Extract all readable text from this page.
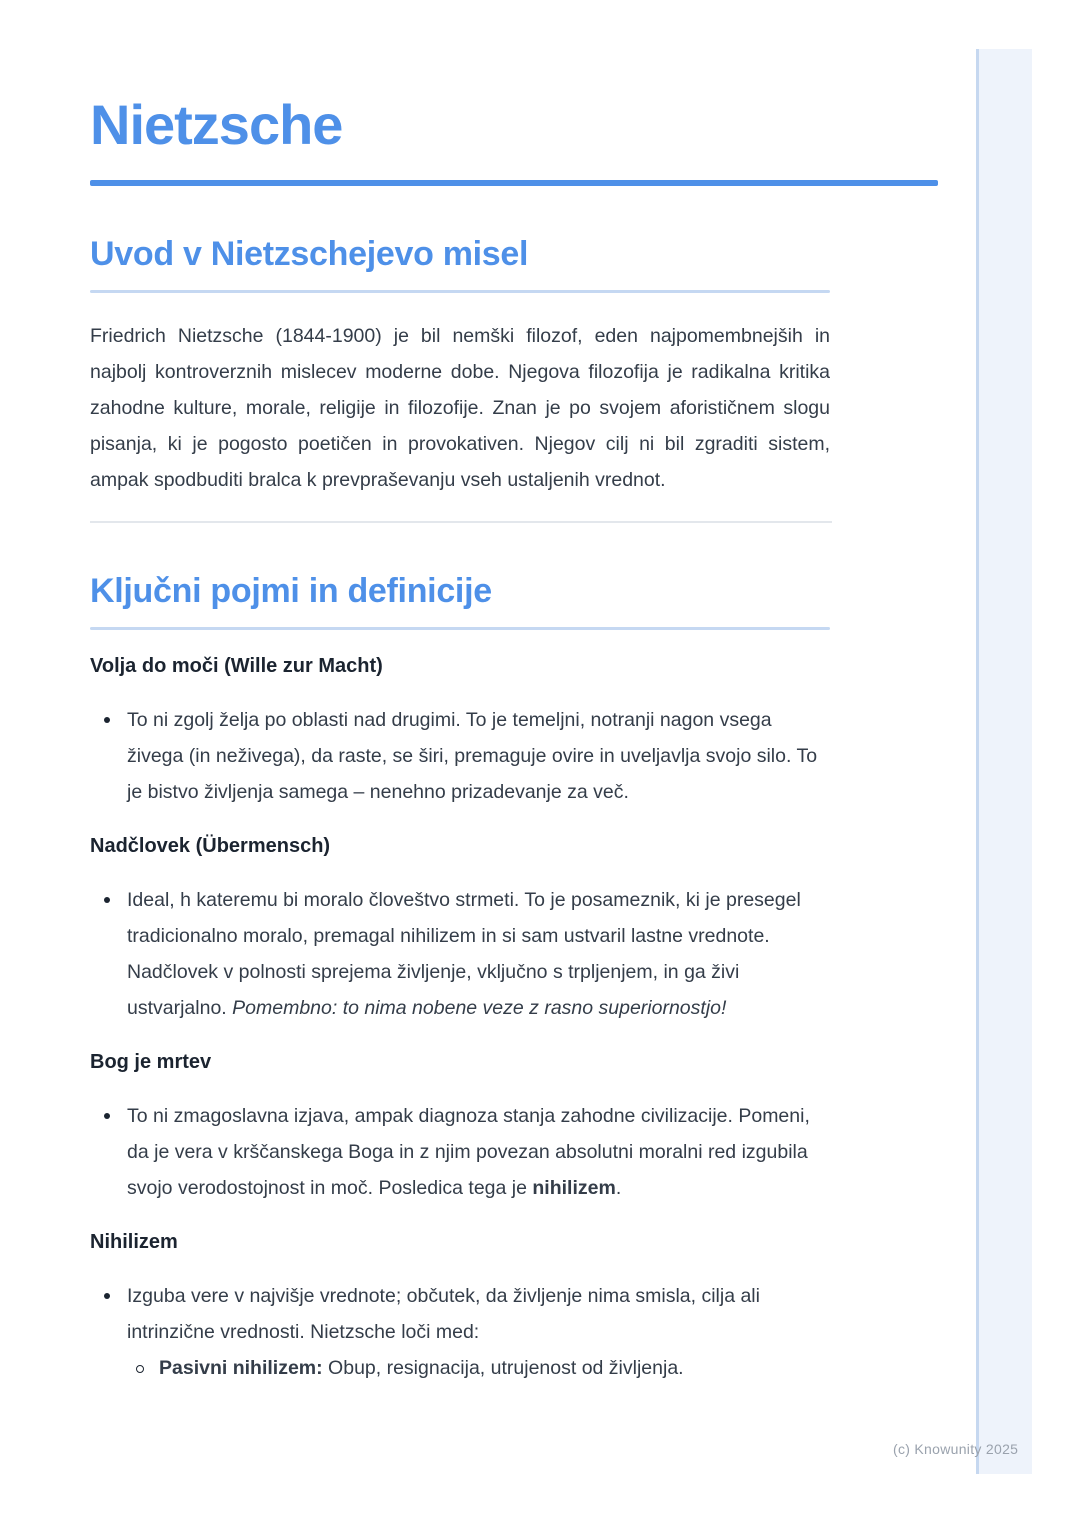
Nietzsche
Uvod v Nietzschejevo misel

Friedrich Nietzsche (1844-1900) je bil nemški filozof, eden najpomembnejših in najbolj kontroverznih mislecev moderne dobe. Njegova filozofija je radikalna kritika zahodne kulture, morale, religije in filozofije. Znan je po svojem aforističnem slogu pisanja, ki je pogosto poetičen in provokativen. Njegov cilj ni bil zgraditi sistem, ampak spodbuditi bralca k prevpraševanju vseh ustaljenih vrednot.

Ključni pojmi in definicije
Volja do moči (Wille zur Macht)
To ni zgolj želja po oblasti nad drugimi. To je temeljni, notranji nagon vsega živega (in neživega), da raste, se širi, premaguje ovire in uveljavlja svojo silo. To je bistvo življenja samega – nenehno prizadevanje za več.
Nadčlovek (Übermensch)
Ideal, h kateremu bi moralo človeštvo strmeti. To je posameznik, ki je presegel tradicionalno moralo, premagal nihilizem in si sam ustvaril lastne vrednote. Nadčlovek v polnosti sprejema življenje, vključno s trpljenjem, in ga živi ustvarjalno. Pomembno: to nima nobene veze z rasno superiornostjo!
Bog je mrtev
To ni zmagoslavna izjava, ampak diagnoza stanja zahodne civilizacije. Pomeni, da je vera v krščanskega Boga in z njim povezan absolutni moralni red izgubila svojo verodostojnost in moč. Posledica tega je nihilizem.
Nihilizem
Izguba vere v najvišje vrednote; občutek, da življenje nima smisla, cilja ali intrinzične vrednosti. Nietzsche loči med:
Pasivni nihilizem: Obup, resignacija, utrujenost od življenja.
(c) Knowunity 2025
